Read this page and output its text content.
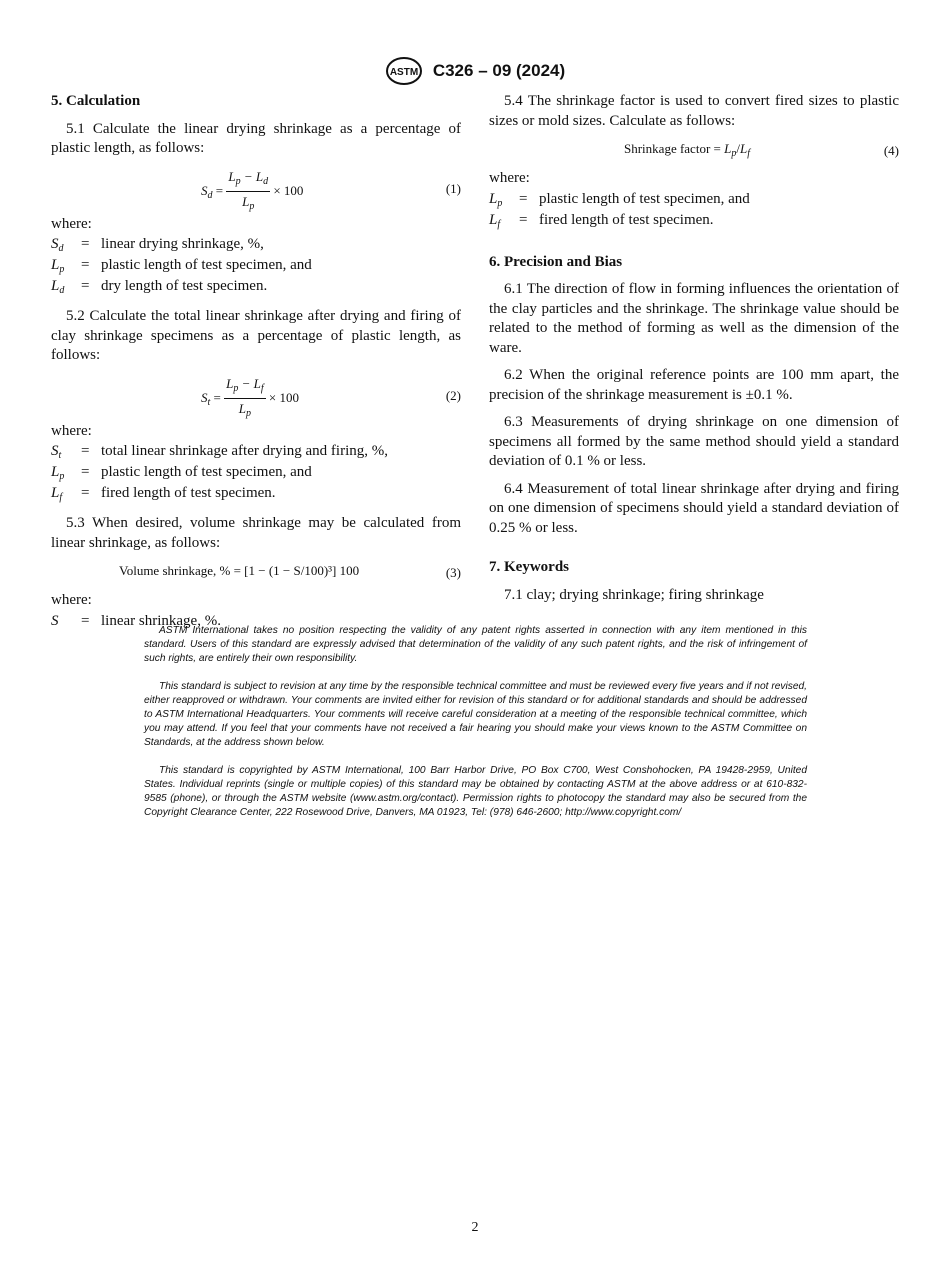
ASTM C326 – 09 (2024)
5. Calculation

5.1 Calculate the linear drying shrinkage as a percentage of plastic length, as follows:

$S_d = \frac{L_p - L_d}{L_p} \times 100$	(1)

where:

$S_d$	=	linear drying shrinkage, %,
$L_p$	=	plastic length of test specimen, and
$L_d$	=	dry length of test specimen.

5.2 Calculate the total linear shrinkage after drying and firing of clay shrinkage specimens as a percentage of plastic length, as follows:

$S_t = \frac{L_p - L_f}{L_p} \times 100$	(2)

where:

$S_t$	=	total linear shrinkage after drying and firing, %,
$L_p$	=	plastic length of test specimen, and
$L_f$	=	fired length of test specimen.

5.3 When desired, volume shrinkage may be calculated from linear shrinkage, as follows:

Volume shrinkage, % = [1 − (1 − S/100)³] 100	(3)

where:

S	=	linear shrinkage, %.

5.4 The shrinkage factor is used to convert fired sizes to plastic sizes or mold sizes. Calculate as follows:

Shrinkage factor = $L_p/L_f$	(4)

where:

$L_p$	=	plastic length of test specimen, and
$L_f$	=	fired length of test specimen.
6. Precision and Bias

6.1 The direction of flow in forming influences the orientation of the clay particles and the shrinkage. The shrinkage value should be related to the method of forming as well as the dimension of the ware.

6.2 When the original reference points are 100 mm apart, the precision of the shrinkage measurement is ±0.1 %.

6.3 Measurements of drying shrinkage on one dimension of specimens all formed by the same method should yield a standard deviation of 0.1 % or less.

6.4 Measurement of total linear shrinkage after drying and firing on one dimension of specimens should yield a standard deviation of 0.25 % or less.

7. Keywords

7.1 clay; drying shrinkage; firing shrinkage

ASTM International takes no position respecting the validity of any patent rights asserted in connection with any item mentioned in this standard. Users of this standard are expressly advised that determination of the validity of any such patent rights, and the risk of infringement of such rights, are entirely their own responsibility.

This standard is subject to revision at any time by the responsible technical committee and must be reviewed every five years and if not revised, either reapproved or withdrawn. Your comments are invited either for revision of this standard or for additional standards and should be addressed to ASTM International Headquarters. Your comments will receive careful consideration at a meeting of the responsible technical committee, which you may attend. If you feel that your comments have not received a fair hearing you should make your views known to the ASTM Committee on Standards, at the address shown below.

This standard is copyrighted by ASTM International, 100 Barr Harbor Drive, PO Box C700, West Conshohocken, PA 19428-2959, United States. Individual reprints (single or multiple copies) of this standard may be obtained by contacting ASTM at the above address or at 610-832-9585 (phone), or through the ASTM website (www.astm.org/contact). Permission rights to photocopy the standard may also be secured from the Copyright Clearance Center, 222 Rosewood Drive, Danvers, MA 01923, Tel: (978) 646-2600; http://www.copyright.com/

2
